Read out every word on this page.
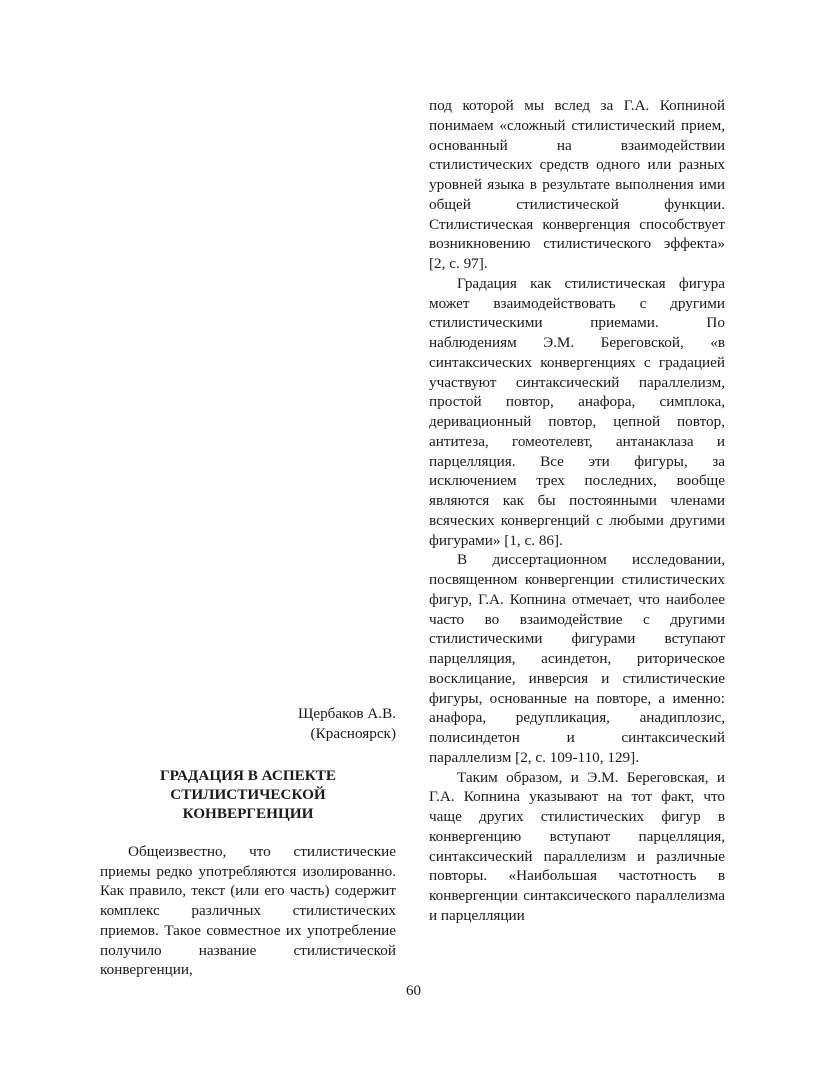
Щербаков А.В.
(Красноярск)
ГРАДАЦИЯ В АСПЕКТЕ
СТИЛИСТИЧЕСКОЙ
КОНВЕРГЕНЦИИ

Общеизвестно, что стилистические приемы редко употребляются изолированно. Как правило, текст (или его часть) содержит комплекс различных стилистических приемов. Такое совместное их употребление получило название стилистической конвергенции,

под которой мы вслед за Г.А. Копниной понимаем «сложный стилистический прием, основанный на взаимодействии стилистических средств одного или разных уровней языка в результате выполнения ими общей стилистической функции. Стилистическая конвергенция способствует возникновению стилистического эффекта» [2, с. 97].

Градация как стилистическая фигура может взаимодействовать с другими стилистическими приемами. По наблюдениям Э.М. Береговской, «в синтаксических конвергенциях с градацией участвуют синтаксический параллелизм, простой повтор, анафора, симплока, деривационный повтор, цепной повтор, антитеза, гомеотелевт, антанаклаза и парцелляция. Все эти фигуры, за исключением трех последних, вообще являются как бы постоянными членами всяческих конвергенций с любыми другими фигурами» [1, с. 86].

В диссертационном исследовании, посвященном конвергенции стилистических фигур, Г.А. Копнина отмечает, что наиболее часто во взаимодействие с другими стилистическими фигурами вступают парцелляция, асиндетон, риторическое восклицание, инверсия и стилистические фигуры, основанные на повторе, а именно: анафора, редупликация, анадиплозис, полисиндетон и синтаксический параллелизм [2, с. 109-110, 129].

Таким образом, и Э.М. Береговская, и Г.А. Копнина указывают на тот факт, что чаще других стилистических фигур в конвергенцию вступают парцелляция, синтаксический параллелизм и различные повторы. «Наибольшая частотность в конвергенции синтаксического параллелизма и парцелляции

60
